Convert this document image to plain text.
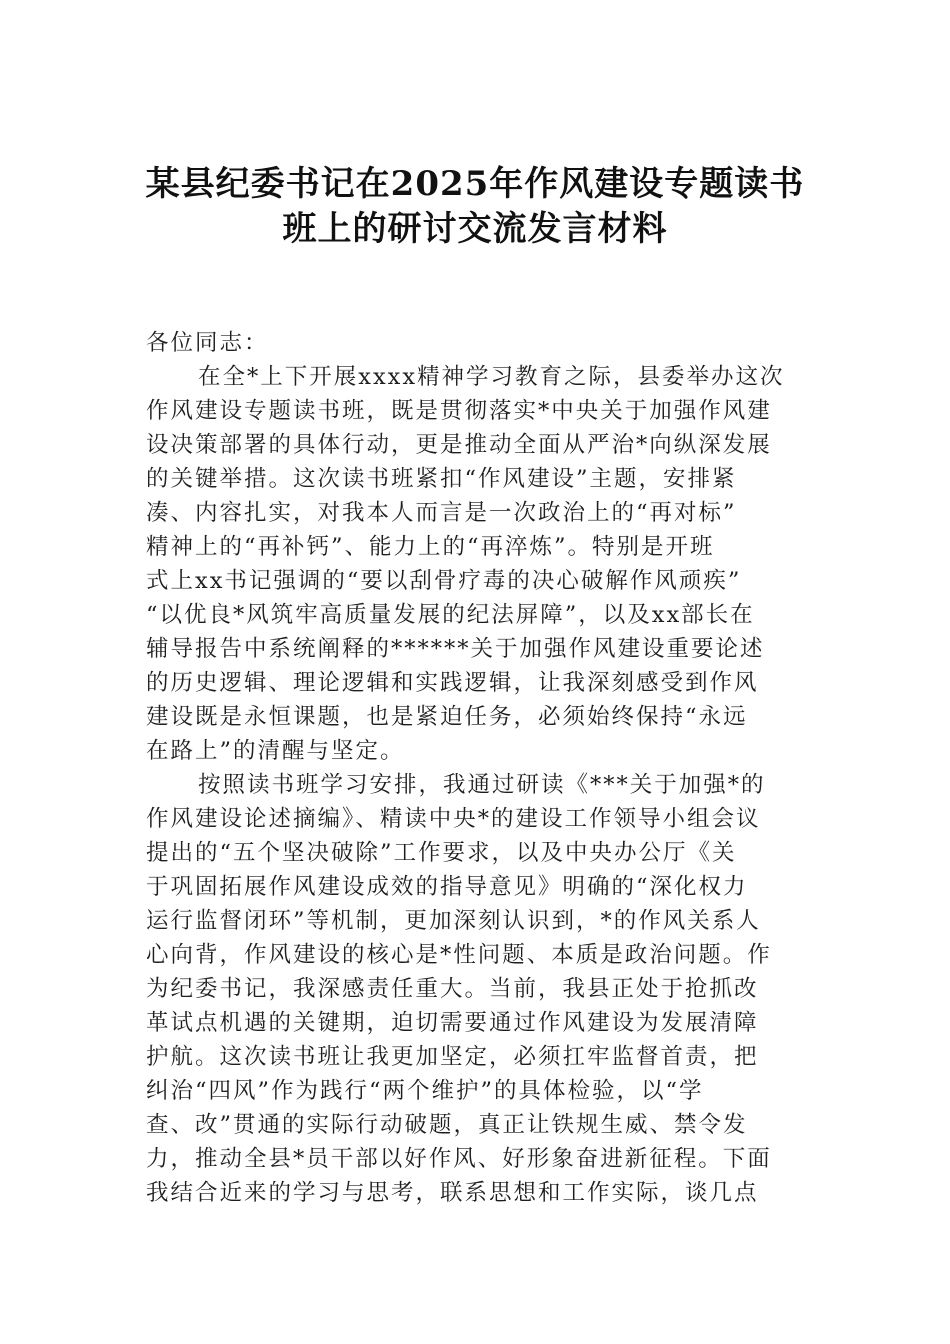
某县纪委书记在2025年作风建设专题读书
班上的研讨交流发言材料
各位同志：
在全*上下开展xxxx精神学习教育之际，县委举办这次
作风建设专题读书班，既是贯彻落实*中央关于加强作风建
设决策部署的具体行动，更是推动全面从严治*向纵深发展
的关键举措。这次读书班紧扣“作风建设”主题，安排紧
凑、内容扎实，对我本人而言是一次政治上的“再对标”
精神上的“再补钙”、能力上的“再淬炼”。特别是开班
式上xx书记强调的“要以刮骨疗毒的决心破解作风顽疾”
“以优良*风筑牢高质量发展的纪法屏障”，以及xx部长在
辅导报告中系统阐释的******关于加强作风建设重要论述
的历史逻辑、理论逻辑和实践逻辑，让我深刻感受到作风
建设既是永恒课题，也是紧迫任务，必须始终保持“永远
在路上”的清醒与坚定。
按照读书班学习安排，我通过研读《***关于加强*的
作风建设论述摘编》、精读中央*的建设工作领导小组会议
提出的“五个坚决破除”工作要求，以及中央办公厅《关
于巩固拓展作风建设成效的指导意见》明确的“深化权力
运行监督闭环”等机制，更加深刻认识到，*的作风关系人
心向背，作风建设的核心是*性问题、本质是政治问题。作
为纪委书记，我深感责任重大。当前，我县正处于抢抓改
革试点机遇的关键期，迫切需要通过作风建设为发展清障
护航。这次读书班让我更加坚定，必须扛牢监督首责，把
纠治“四风”作为践行“两个维护”的具体检验，以“学
查、改”贯通的实际行动破题，真正让铁规生威、禁令发
力，推动全县*员干部以好作风、好形象奋进新征程。下面
我结合近来的学习与思考，联系思想和工作实际，谈几点
